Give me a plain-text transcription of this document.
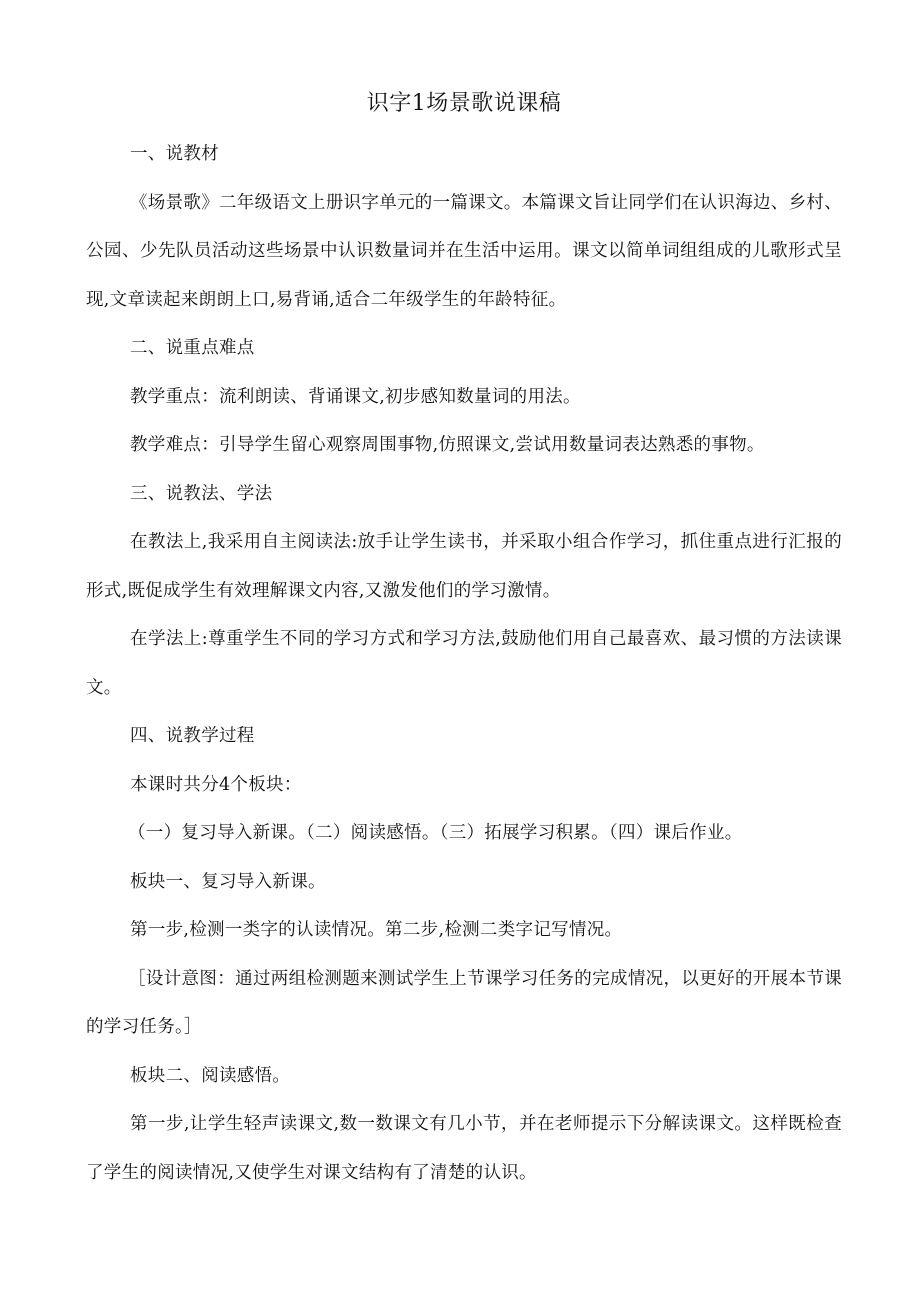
识字1场景歌说课稿

一、说教材

《场景歌》二年级语文上册识字单元的一篇课文。本篇课文旨让同学们在认识海边、乡村、公园、少先队员活动这些场景中认识数量词并在生活中运用。课文以简单词组组成的儿歌形式呈现,文章读起来朗朗上口,易背诵,适合二年级学生的年龄特征。

二、说重点难点

教学重点：流利朗读、背诵课文,初步感知数量词的用法。

教学难点：引导学生留心观察周围事物,仿照课文,尝试用数量词表达熟悉的事物。

三、说教法、学法

在教法上,我采用自主阅读法:放手让学生读书，并采取小组合作学习，抓住重点进行汇报的形式,既促成学生有效理解课文内容,又激发他们的学习激情。

在学法上:尊重学生不同的学习方式和学习方法,鼓励他们用自己最喜欢、最习惯的方法读课文。

四、说教学过程

本课时共分4个板块：

（一）复习导入新课。（二）阅读感悟。（三）拓展学习积累。（四）课后作业。

板块一、复习导入新课。

第一步,检测一类字的认读情况。第二步,检测二类字记写情况。

［设计意图：通过两组检测题来测试学生上节课学习任务的完成情况，以更好的开展本节课的学习任务。］

板块二、阅读感悟。

第一步,让学生轻声读课文,数一数课文有几小节，并在老师提示下分解读课文。这样既检查了学生的阅读情况,又使学生对课文结构有了清楚的认识。
